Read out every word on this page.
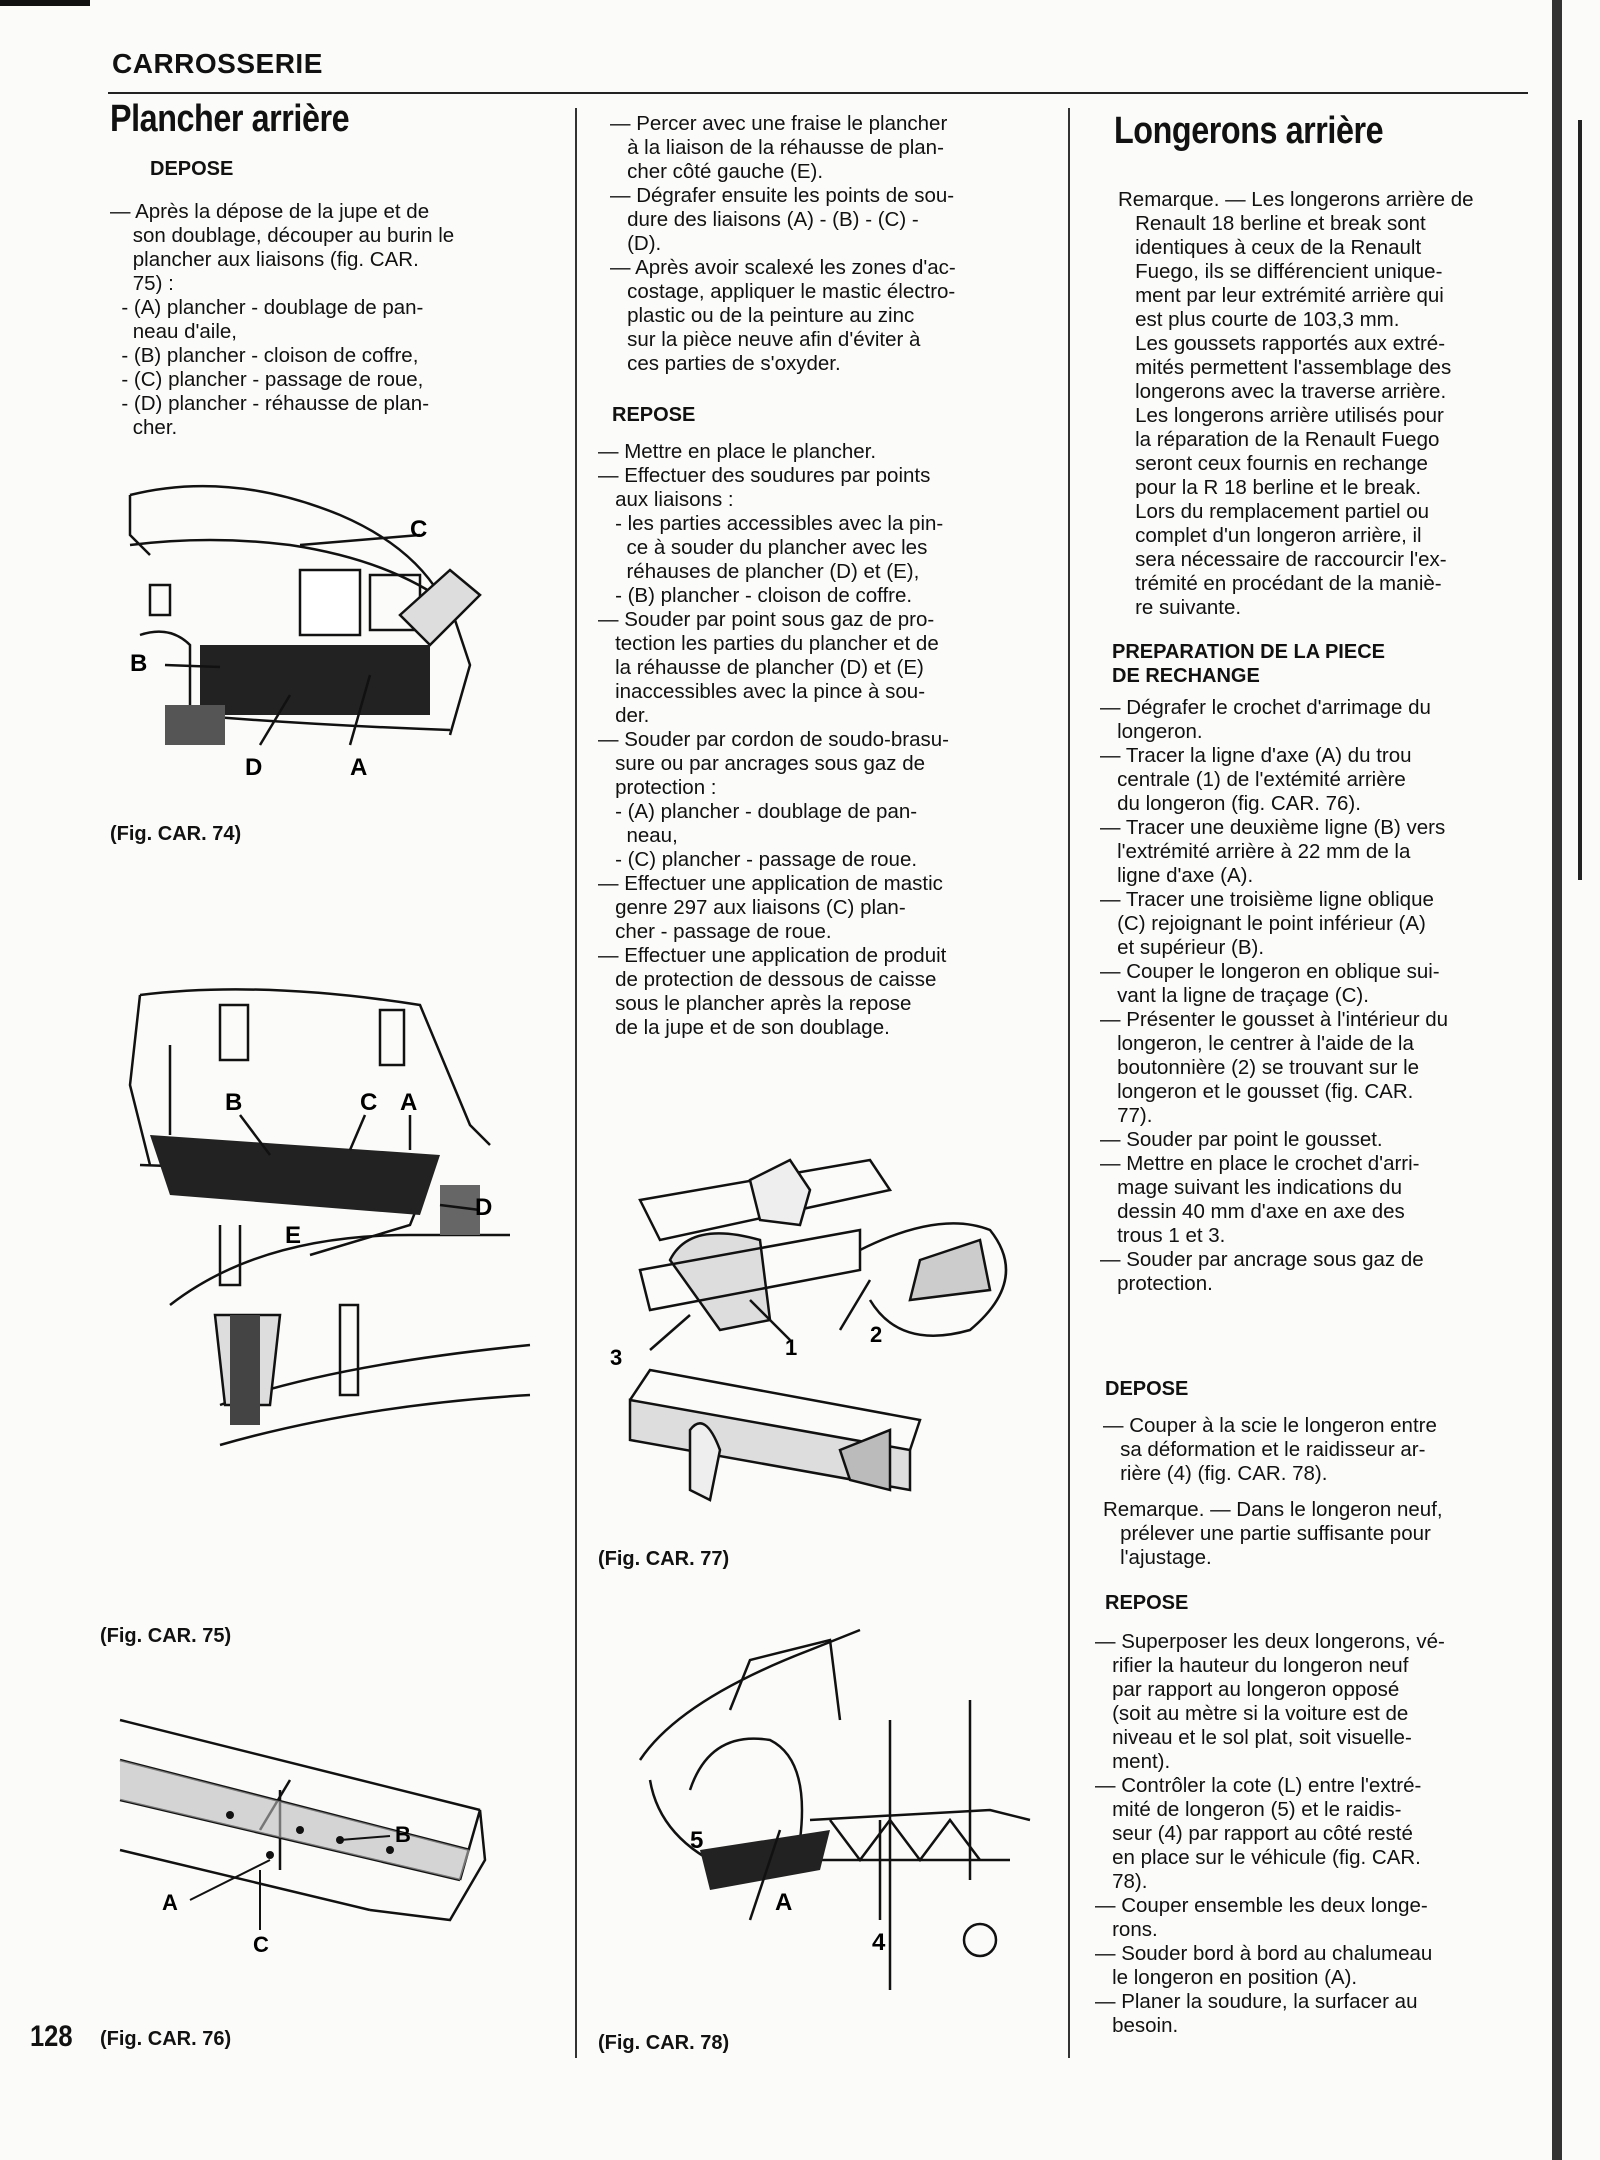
CARROSSERIE
Plancher arrière
DEPOSE
— Après la dépose de la jupe et de
son doublage, découper au burin le
plancher aux liaisons (fig. CAR.
75) :
- (A) plancher - doublage de pan-
neau d'aile,
- (B) plancher - cloison de coffre,
- (C) plancher - passage de roue,
- (D) plancher - réhausse de plan-
cher.
C
B
D	A
(Fig. CAR. 74)
B	C A
D
E
(Fig. CAR. 75)
B
A
C
128 (Fig. CAR. 76)
— Percer avec une fraise le plancher
à la liaison de la réhausse de plan-
cher côté gauche (E).
— Dégrafer ensuite les points de sou-
dure des liaisons (A) - (B) - (C) -
(D).
— Après avoir scalexé les zones d'ac-
costage, appliquer le mastic électro-
plastic ou de la peinture au zinc
sur la pièce neuve afin d'éviter à
ces parties de s'oxyder.
REPOSE
— Mettre en place le plancher.
— Effectuer des soudures par points
aux liaisons :
- les parties accessibles avec la pin-
ce à souder du plancher avec les
réhauses de plancher (D) et (E),
- (B) plancher - cloison de coffre.
— Souder par point sous gaz de pro-
tection les parties du plancher et de
la réhausse de plancher (D) et (E)
inaccessibles avec la pince à sou-
der.
— Souder par cordon de soudo-brasu-
sure ou par ancrages sous gaz de
protection :
- (A) plancher - doublage de pan-
neau,
- (C) plancher - passage de roue.
— Effectuer une application de mastic
genre 297 aux liaisons (C) plan-
cher - passage de roue.
— Effectuer une application de produit
de protection de dessous de caisse
sous le plancher après la repose
de la jupe et de son doublage.
3	1
2
(Fig. CAR. 77)
5
A
4
(Fig. CAR. 78)
Longerons arrière
Remarque. — Les longerons arrière de
Renault 18 berline et break sont
identiques à ceux de la Renault
Fuego, ils se différencient unique-
ment par leur extrémité arrière qui
est plus courte de 103,3 mm.
Les goussets rapportés aux extré-
mités permettent l'assemblage des
longerons avec la traverse arrière.
Les longerons arrière utilisés pour
la réparation de la Renault Fuego
seront ceux fournis en rechange
pour la R 18 berline et le break.
Lors du remplacement partiel ou
complet d'un longeron arrière, il
sera nécessaire de raccourcir l'ex-
trémité en procédant de la maniè-
re suivante.
PREPARATION DE LA PIECE
DE RECHANGE
— Dégrafer le crochet d'arrimage du
longeron.
— Tracer la ligne d'axe (A) du trou
centrale (1) de l'extémité arrière
du longeron (fig. CAR. 76).
— Tracer une deuxième ligne (B) vers
l'extrémité arrière à 22 mm de la
ligne d'axe (A).
— Tracer une troisième ligne oblique
(C) rejoignant le point inférieur (A)
et supérieur (B).
— Couper le longeron en oblique sui-
vant la ligne de traçage (C).
— Présenter le gousset à l'intérieur du
longeron, le centrer à l'aide de la
boutonnière (2) se trouvant sur le
longeron et le gousset (fig. CAR.
77).
— Souder par point le gousset.
— Mettre en place le crochet d'arri-
mage suivant les indications du
dessin 40 mm d'axe en axe des
trous 1 et 3.
— Souder par ancrage sous gaz de
protection.
DEPOSE
— Couper à la scie le longeron entre
sa déformation et le raidisseur ar-
rière (4) (fig. CAR. 78).
Remarque. — Dans le longeron neuf,
prélever une partie suffisante pour
l'ajustage.
REPOSE
— Superposer les deux longerons, vé-
rifier la hauteur du longeron neuf
par rapport au longeron opposé
(soit au mètre si la voiture est de
niveau et le sol plat, soit visuelle-
ment).
— Contrôler la cote (L) entre l'extré-
mité de longeron (5) et le raidis-
seur (4) par rapport au côté resté
en place sur le véhicule (fig. CAR.
78).
— Couper ensemble les deux longe-
rons.
— Souder bord à bord au chalumeau
le longeron en position (A).
— Planer la soudure, la surfacer au
besoin.
